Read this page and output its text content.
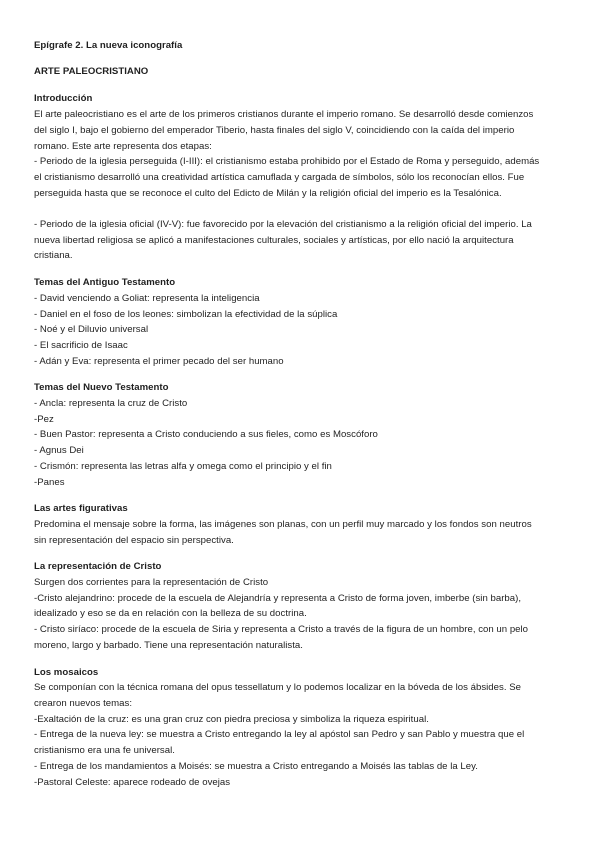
Epígrafe 2. La nueva iconografía
ARTE PALEOCRISTIANO
Introducción
El arte paleocristiano es el arte de los primeros cristianos durante el imperio romano. Se desarrolló desde comienzos
del siglo I, bajo el gobierno del emperador Tiberio, hasta finales del siglo V, coincidiendo con la caída del imperio
romano. Este arte representa dos etapas:
- Periodo de la iglesia perseguida (I-III): el cristianismo estaba prohibido por el Estado de Roma y perseguido, además
el cristianismo desarrolló una creatividad artística camuflada y cargada de símbolos, sólo los reconocían ellos. Fue
perseguida hasta que se reconoce el culto del Edicto de Milán y la religión oficial del imperio es la Tesalónica.
- Periodo de la iglesia oficial (IV-V): fue favorecido por la elevación del cristianismo a la religión oficial del imperio. La
nueva libertad religiosa se aplicó a manifestaciones culturales, sociales y artísticas, por ello nació la arquitectura
cristiana.
Temas del Antiguo Testamento
- David venciendo a Goliat: representa la inteligencia
- Daniel en el foso de los leones: simbolizan la efectividad de la súplica
- Noé y el Diluvio universal
- El sacrificio de Isaac
- Adán y Eva: representa el primer pecado del ser humano
Temas del Nuevo Testamento
- Ancla: representa la cruz de Cristo
-Pez
- Buen Pastor: representa a Cristo conduciendo a sus fieles, como es Moscóforo
- Agnus Dei
- Crismón: representa las letras alfa y omega como el principio y el fin
-Panes
Las artes figurativas
Predomina el mensaje sobre la forma, las imágenes son planas, con un perfil muy marcado y los fondos son neutros
sin representación del espacio sin perspectiva.
La representación de Cristo
Surgen dos corrientes para la representación de Cristo
-Cristo alejandrino: procede de la escuela de Alejandría y representa a Cristo de forma joven, imberbe (sin barba),
idealizado y eso se da en relación con la belleza de su doctrina.
- Cristo siríaco: procede de la escuela de Siria y representa a Cristo a través de la figura de un hombre, con un pelo
moreno, largo y barbado. Tiene una representación naturalista.
Los mosaicos
Se componían con la técnica romana del opus tessellatum y lo podemos localizar en la bóveda de los ábsides. Se
crearon nuevos temas:
-Exaltación de la cruz: es una gran cruz con piedra preciosa y simboliza la riqueza espiritual.
- Entrega de la nueva ley: se muestra a Cristo entregando la ley al apóstol san Pedro y san Pablo y muestra que el
cristianismo era una fe universal.
- Entrega de los mandamientos a Moisés: se muestra a Cristo entregando a Moisés las tablas de la Ley.
-Pastoral Celeste: aparece rodeado de ovejas
